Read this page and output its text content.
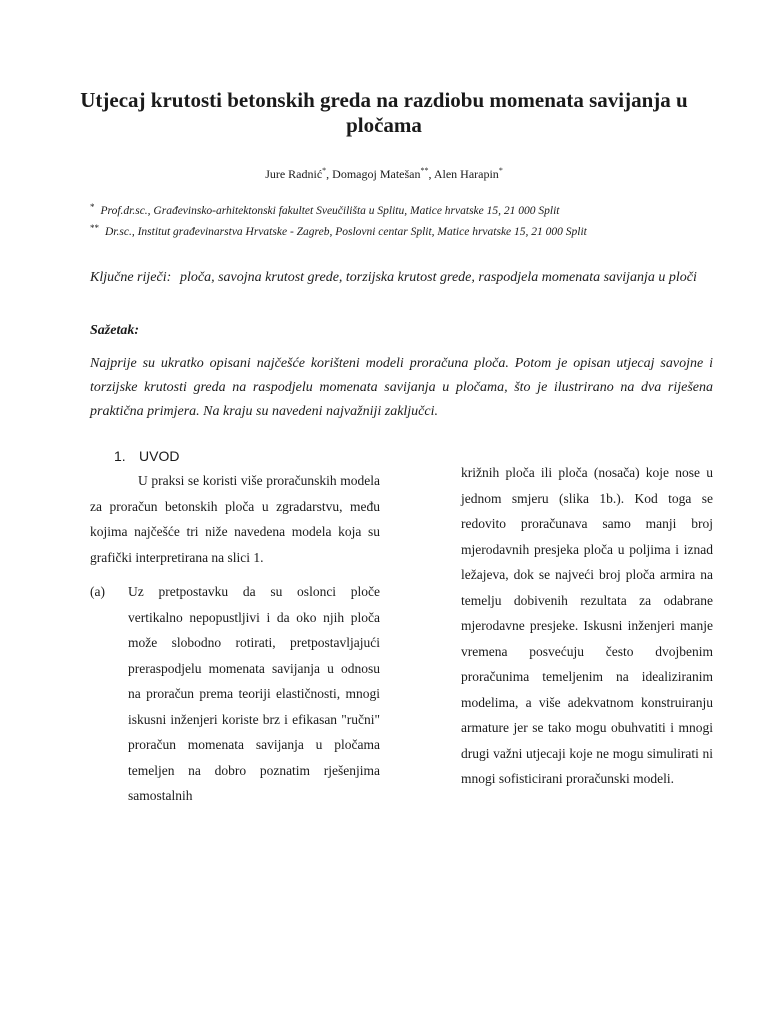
Utjecaj krutosti betonskih greda na razdiobu momenata savijanja u pločama
Jure Radnić*, Domagoj Matešan**, Alen Harapin*
* Prof.dr.sc., Građevinsko-arhitektonski fakultet Sveučilišta u Splitu, Matice hrvatske 15, 21 000 Split
** Dr.sc., Institut građevinarstva Hrvatske - Zagreb, Poslovni centar Split, Matice hrvatske 15, 21 000 Split
Ključne riječi: ploča, savojna krutost grede, torzijska krutost grede, raspodjela momenata savijanja u ploči
Sažetak:
Najprije su ukratko opisani najčešće korišteni modeli proračuna ploča. Potom je opisan utjecaj savojne i torzijske krutosti greda na raspodjelu momenata savijanja u pločama, što je ilustrirano na dva riješena praktična primjera. Na kraju su navedeni najvažniji zaključci.
1. UVOD

U praksi se koristi više proračunskih modela za proračun betonskih ploča u zgradarstvu, među kojima najčešće tri niže navedena modela koja su grafički interpretirana na slici 1.

(a) Uz pretpostavku da su oslonci ploče vertikalno nepopustljivi i da oko njih ploča može slobodno rotirati, pretpostavljajući preraspodjelu momenata savijanja u odnosu na proračun prema teoriji elastičnosti, mnogi iskusni inženjeri koriste brz i efikasan "ručni" proračun momenata savijanja u pločama temeljen na dobro poznatim rješenjima samostalnih

križnih ploča ili ploča (nosača) koje nose u jednom smjeru (slika 1b.). Kod toga se redovito proračunava samo manji broj mjerodavnih presjeka ploča u poljima i iznad ležajeva, dok se najveći broj ploča armira na temelju dobivenih rezultata za odabrane mjerodavne presjeke. Iskusni inženjeri manje vremena posvećuju često dvojbenim proračunima temeljenim na idealiziranim modelima, a više adekvatnom konstruiranju armature jer se tako mogu obuhvatiti i mnogi drugi važni utjecaji koje ne mogu simulirati ni mnogi sofisticirani proračunski modeli.
